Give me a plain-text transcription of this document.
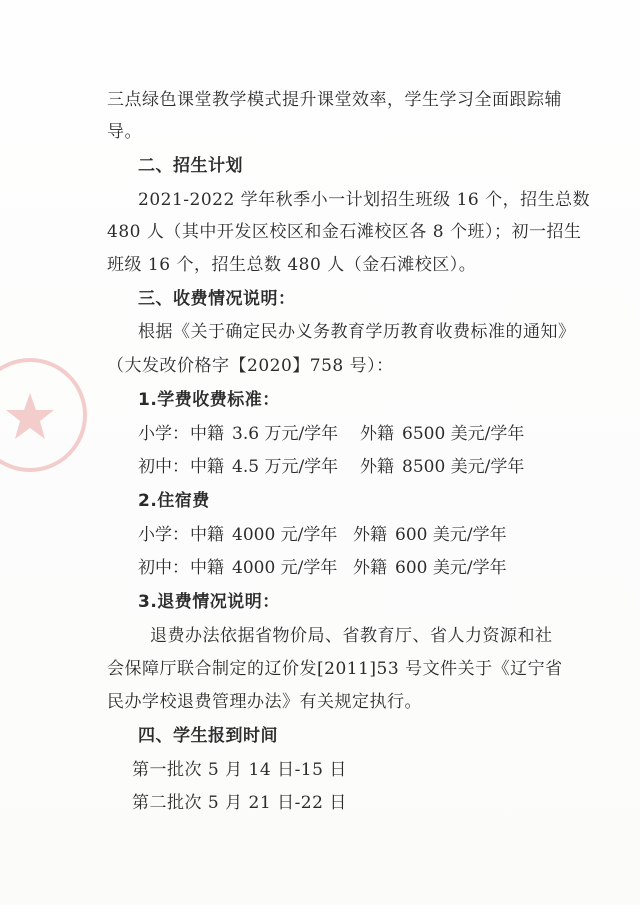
三点绿色课堂教学模式提升课堂效率，学生学习全面跟踪辅
导。
二、招生计划
2021-2022 学年秋季小一计划招生班级 16 个，招生总数
480 人（其中开发区校区和金石滩校区各 8 个班）；初一招生
班级 16 个，招生总数 480 人（金石滩校区）。
三、收费情况说明：
根据《关于确定民办义务教育学历教育收费标准的通知》
（大发改价格字【2020】758 号）：
1.学费收费标准：
小学： 中籍 3.6 万元/学年 外籍 6500 美元/学年
初中： 中籍 4.5 万元/学年 外籍 8500 美元/学年
2.住宿费
小学： 中籍 4000 元/学年 外籍 600 美元/学年
初中： 中籍 4000 元/学年 外籍 600 美元/学年
3.退费情况说明：
退费办法依据省物价局、省教育厅、省人力资源和社
会保障厅联合制定的辽价发[2011]53 号文件关于《辽宁省
民办学校退费管理办法》有关规定执行。
四、学生报到时间
第一批次 5 月 14 日-15 日
第二批次 5 月 21 日-22 日
